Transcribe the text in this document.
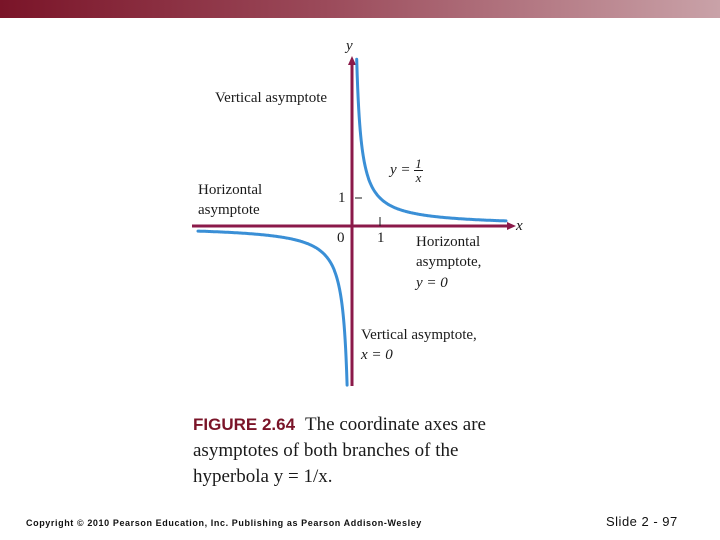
y
x
Vertical asymptote
$y = \frac{1}{x}$
Horizontal
asymptote
1
1
0	Horizontal
asymptote,
y = 0
Vertical asymptote,
x = 0
FIGURE 2.64 The coordinate axes are asymptotes of both branches of the hyperbola y = 1/x.
Copyright © 2010 Pearson Education, Inc. Publishing as Pearson Addison-Wesley	Slide 2 - 97
